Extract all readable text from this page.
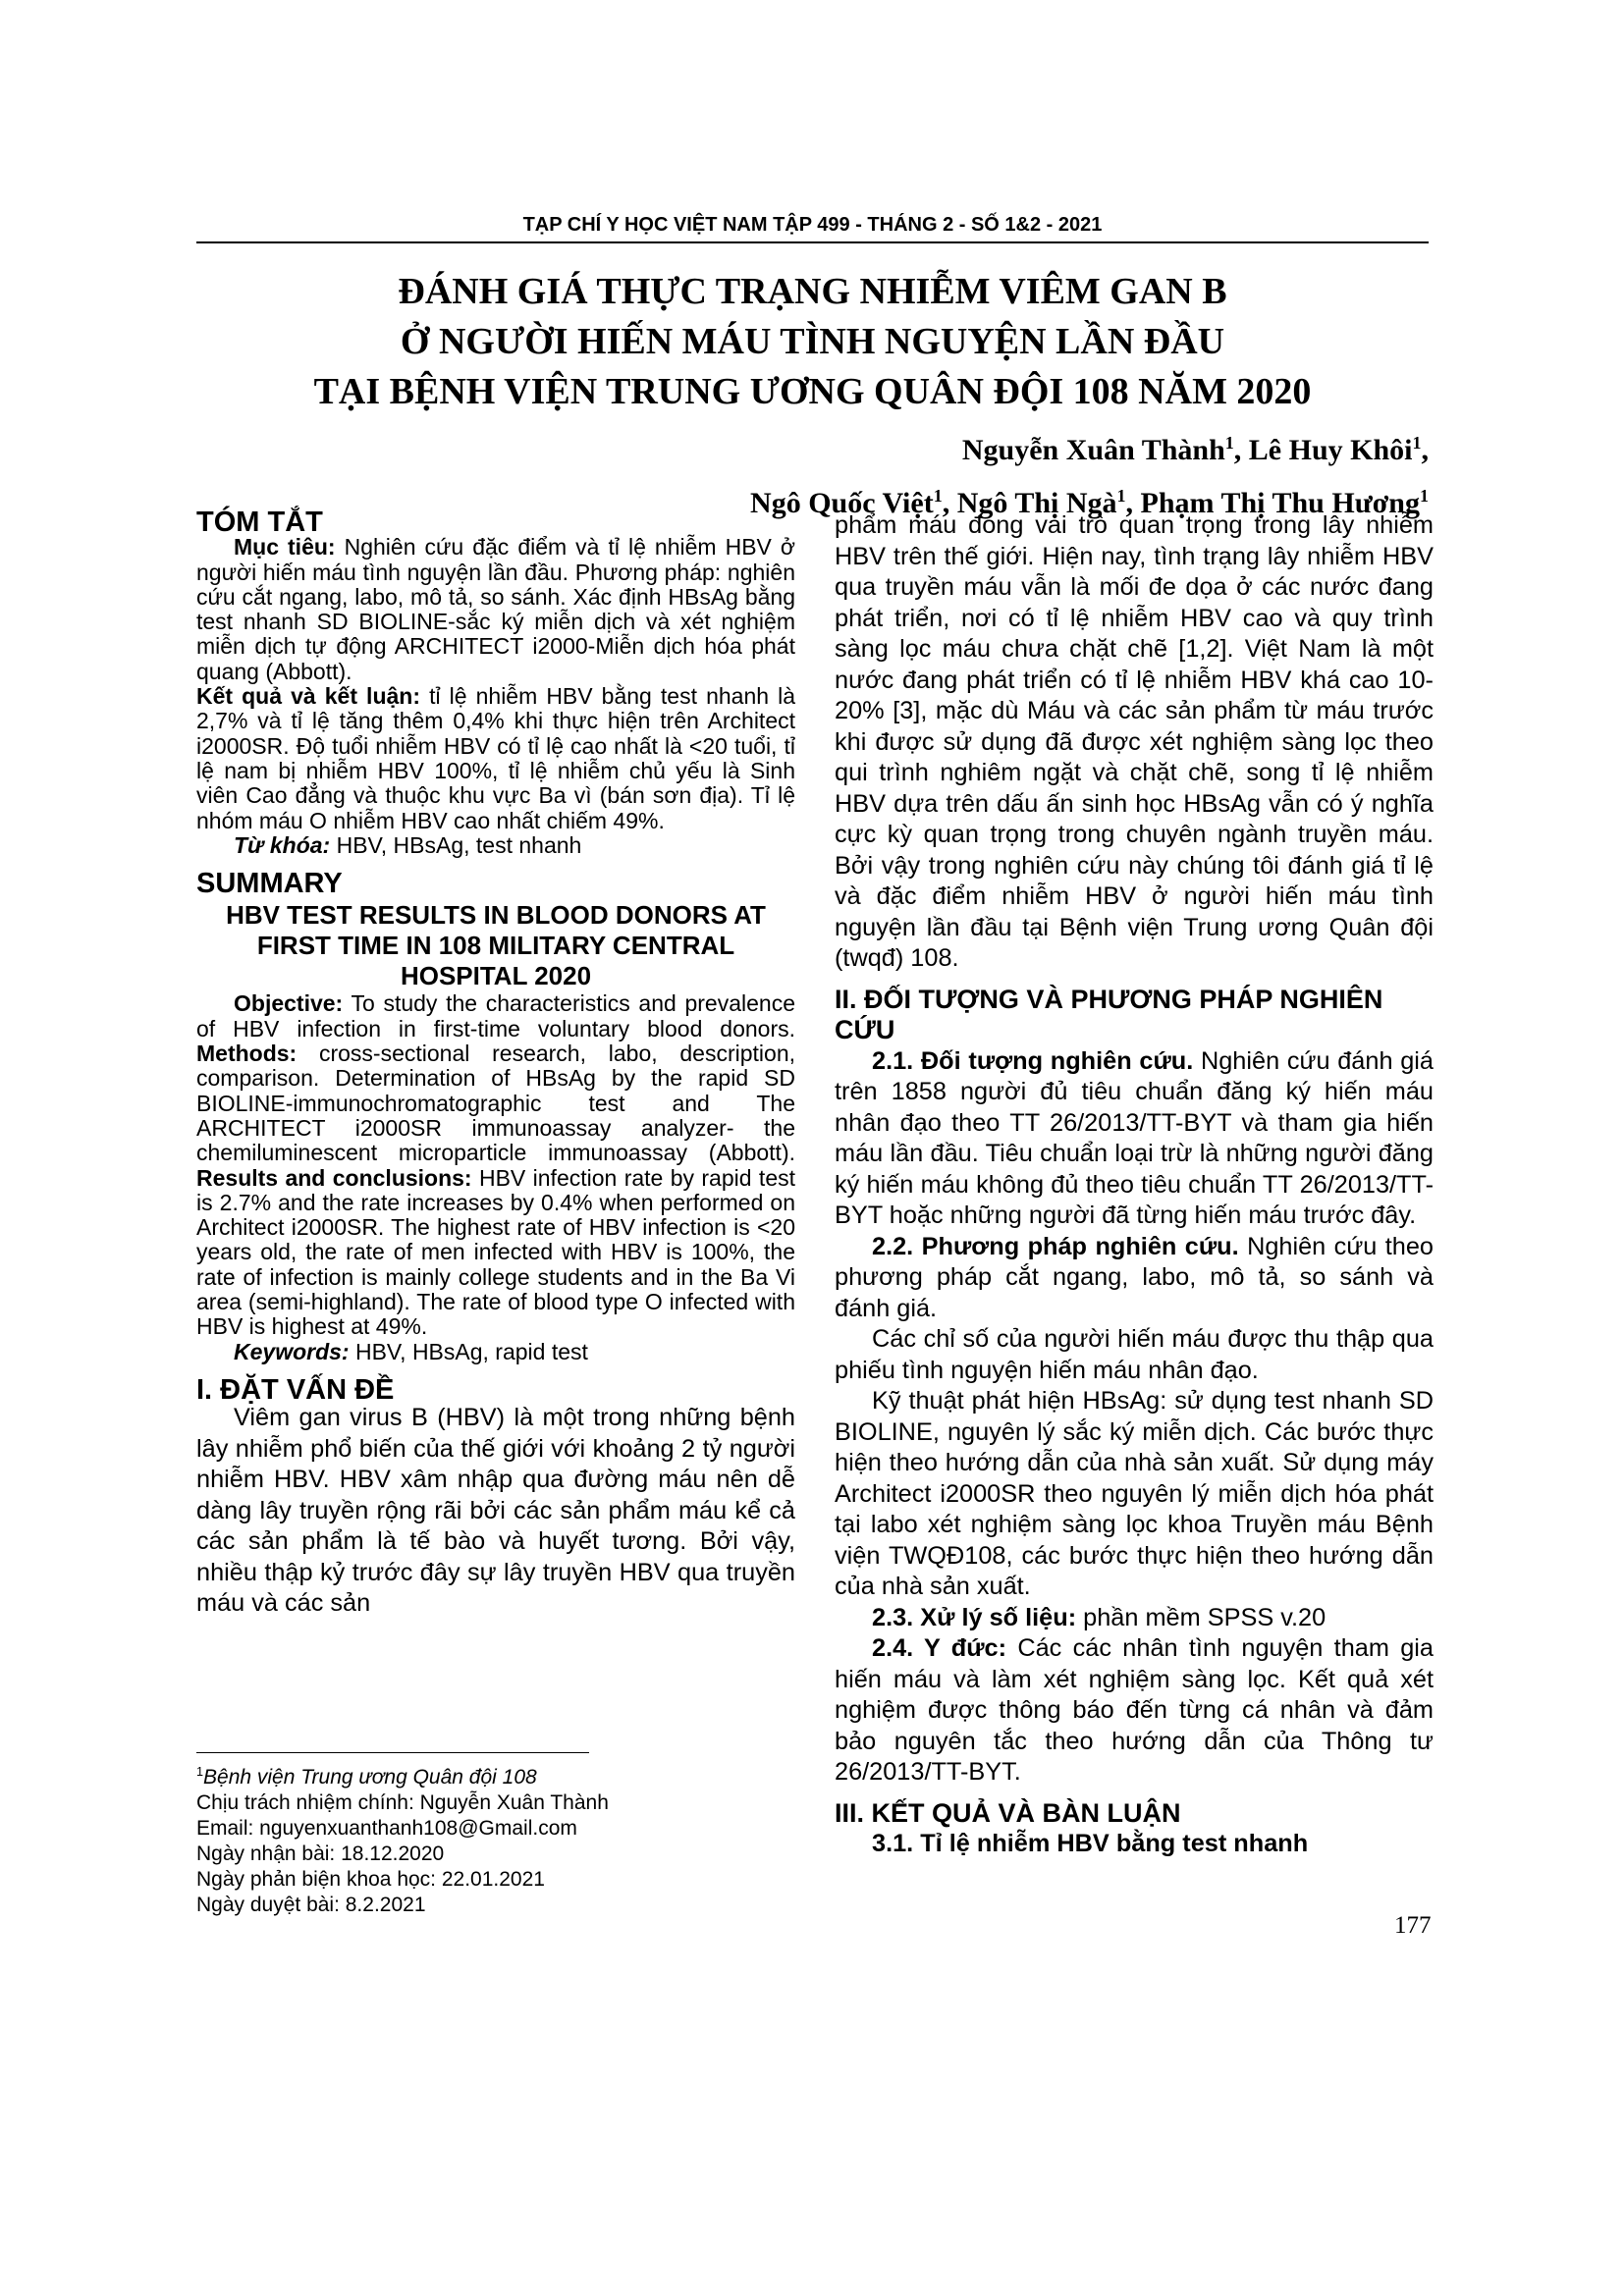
TẠP CHÍ Y HỌC VIỆT NAM TẬP 499 - THÁNG 2 - SỐ 1&2 - 2021
ĐÁNH GIÁ THỰC TRẠNG NHIỄM VIÊM GAN B
Ở NGƯỜI HIẾN MÁU TÌNH NGUYỆN LẦN ĐẦU
TẠI BỆNH VIỆN TRUNG ƯƠNG QUÂN ĐỘI 108 NĂM 2020
Nguyễn Xuân Thành$^1$, Lê Huy Khôi$^1$,
Ngô Quốc Việt$^1$, Ngô Thị Ngà$^1$, Phạm Thị Thu Hương$^1$
TÓM TẮT

Mục tiêu: Nghiên cứu đặc điểm và tỉ lệ nhiễm HBV ở người hiến máu tình nguyện lần đầu. Phương pháp: nghiên cứu cắt ngang, labo, mô tả, so sánh. Xác định HBsAg bằng test nhanh SD BIOLINE-sắc ký miễn dịch và xét nghiệm miễn dịch tự động ARCHITECT i2000-Miễn dịch hóa phát quang (Abbott).

Kết quả và kết luận: tỉ lệ nhiễm HBV bằng test nhanh là 2,7% và tỉ lệ tăng thêm 0,4% khi thực hiện trên Architect i2000SR. Độ tuổi nhiễm HBV có tỉ lệ cao nhất là <20 tuổi, tỉ lệ nam bị nhiễm HBV 100%, tỉ lệ nhiễm chủ yếu là Sinh viên Cao đẳng và thuộc khu vực Ba vì (bán sơn địa). Tỉ lệ nhóm máu O nhiễm HBV cao nhất chiếm 49%.

Từ khóa: HBV, HBsAg, test nhanh

SUMMARY
HBV TEST RESULTS IN BLOOD DONORS AT FIRST TIME IN 108 MILITARY CENTRAL HOSPITAL 2020

Objective: To study the characteristics and prevalence of HBV infection in first-time voluntary blood donors. Methods: cross-sectional research, labo, description, comparison. Determination of HBsAg by the rapid SD BIOLINE-immunochromatographic test and The ARCHITECT i2000SR immunoassay analyzer- the chemiluminescent microparticle immunoassay (Abbott). Results and conclusions: HBV infection rate by rapid test is 2.7% and the rate increases by 0.4% when performed on Architect i2000SR. The highest rate of HBV infection is <20 years old, the rate of men infected with HBV is 100%, the rate of infection is mainly college students and in the Ba Vi area (semi-highland). The rate of blood type O infected with HBV is highest at 49%.

Keywords: HBV, HBsAg, rapid test

I. ĐẶT VẤN ĐỀ

Viêm gan virus B (HBV) là một trong những bệnh lây nhiễm phổ biến của thế giới với khoảng 2 tỷ người nhiễm HBV. HBV xâm nhập qua đường máu nên dễ dàng lây truyền rộng rãi bởi các sản phẩm máu kể cả các sản phẩm là tế bào và huyết tương. Bởi vậy, nhiều thập kỷ trước đây sự lây truyền HBV qua truyền máu và các sản

$^1$Bệnh viện Trung ương Quân đội 108
Chịu trách nhiệm chính: Nguyễn Xuân Thành
Email: nguyenxuanthanh108@Gmail.com
Ngày nhận bài: 18.12.2020
Ngày phản biện khoa học: 22.01.2021
Ngày duyệt bài: 8.2.2021

phẩm máu đóng vai trò quan trọng trong lây nhiễm HBV trên thế giới. Hiện nay, tình trạng lây nhiễm HBV qua truyền máu vẫn là mối đe dọa ở các nước đang phát triển, nơi có tỉ lệ nhiễm HBV cao và quy trình sàng lọc máu chưa chặt chẽ [1,2]. Việt Nam là một nước đang phát triển có tỉ lệ nhiễm HBV khá cao 10-20% [3], mặc dù Máu và các sản phẩm từ máu trước khi được sử dụng đã được xét nghiệm sàng lọc theo qui trình nghiêm ngặt và chặt chẽ, song tỉ lệ nhiễm HBV dựa trên dấu ấn sinh học HBsAg vẫn có ý nghĩa cực kỳ quan trọng trong chuyên ngành truyền máu. Bởi vậy trong nghiên cứu này chúng tôi đánh giá tỉ lệ và đặc điểm nhiễm HBV ở người hiến máu tình nguyện lần đầu tại Bệnh viện Trung ương Quân đội (twqđ) 108.

II. ĐỐI TƯỢNG VÀ PHƯƠNG PHÁP NGHIÊN CỨU

2.1. Đối tượng nghiên cứu. Nghiên cứu đánh giá trên 1858 người đủ tiêu chuẩn đăng ký hiến máu nhân đạo theo TT 26/2013/TT-BYT và tham gia hiến máu lần đầu. Tiêu chuẩn loại trừ là những người đăng ký hiến máu không đủ theo tiêu chuẩn TT 26/2013/TT-BYT hoặc những người đã từng hiến máu trước đây.

2.2. Phương pháp nghiên cứu. Nghiên cứu theo phương pháp cắt ngang, labo, mô tả, so sánh và đánh giá.

Các chỉ số của người hiến máu được thu thập qua phiếu tình nguyện hiến máu nhân đạo.

Kỹ thuật phát hiện HBsAg: sử dụng test nhanh SD BIOLINE, nguyên lý sắc ký miễn dịch. Các bước thực hiện theo hướng dẫn của nhà sản xuất. Sử dụng máy Architect i2000SR theo nguyên lý miễn dịch hóa phát tại labo xét nghiệm sàng lọc khoa Truyền máu Bệnh viện TWQĐ108, các bước thực hiện theo hướng dẫn của nhà sản xuất.

2.3. Xử lý số liệu: phần mềm SPSS v.20

2.4. Y đức: Các các nhân tình nguyện tham gia hiến máu và làm xét nghiệm sàng lọc. Kết quả xét nghiệm được thông báo đến từng cá nhân và đảm bảo nguyên tắc theo hướng dẫn của Thông tư 26/2013/TT-BYT.

III. KẾT QUẢ VÀ BÀN LUẬN

3.1. Tỉ lệ nhiễm HBV bằng test nhanh

177
